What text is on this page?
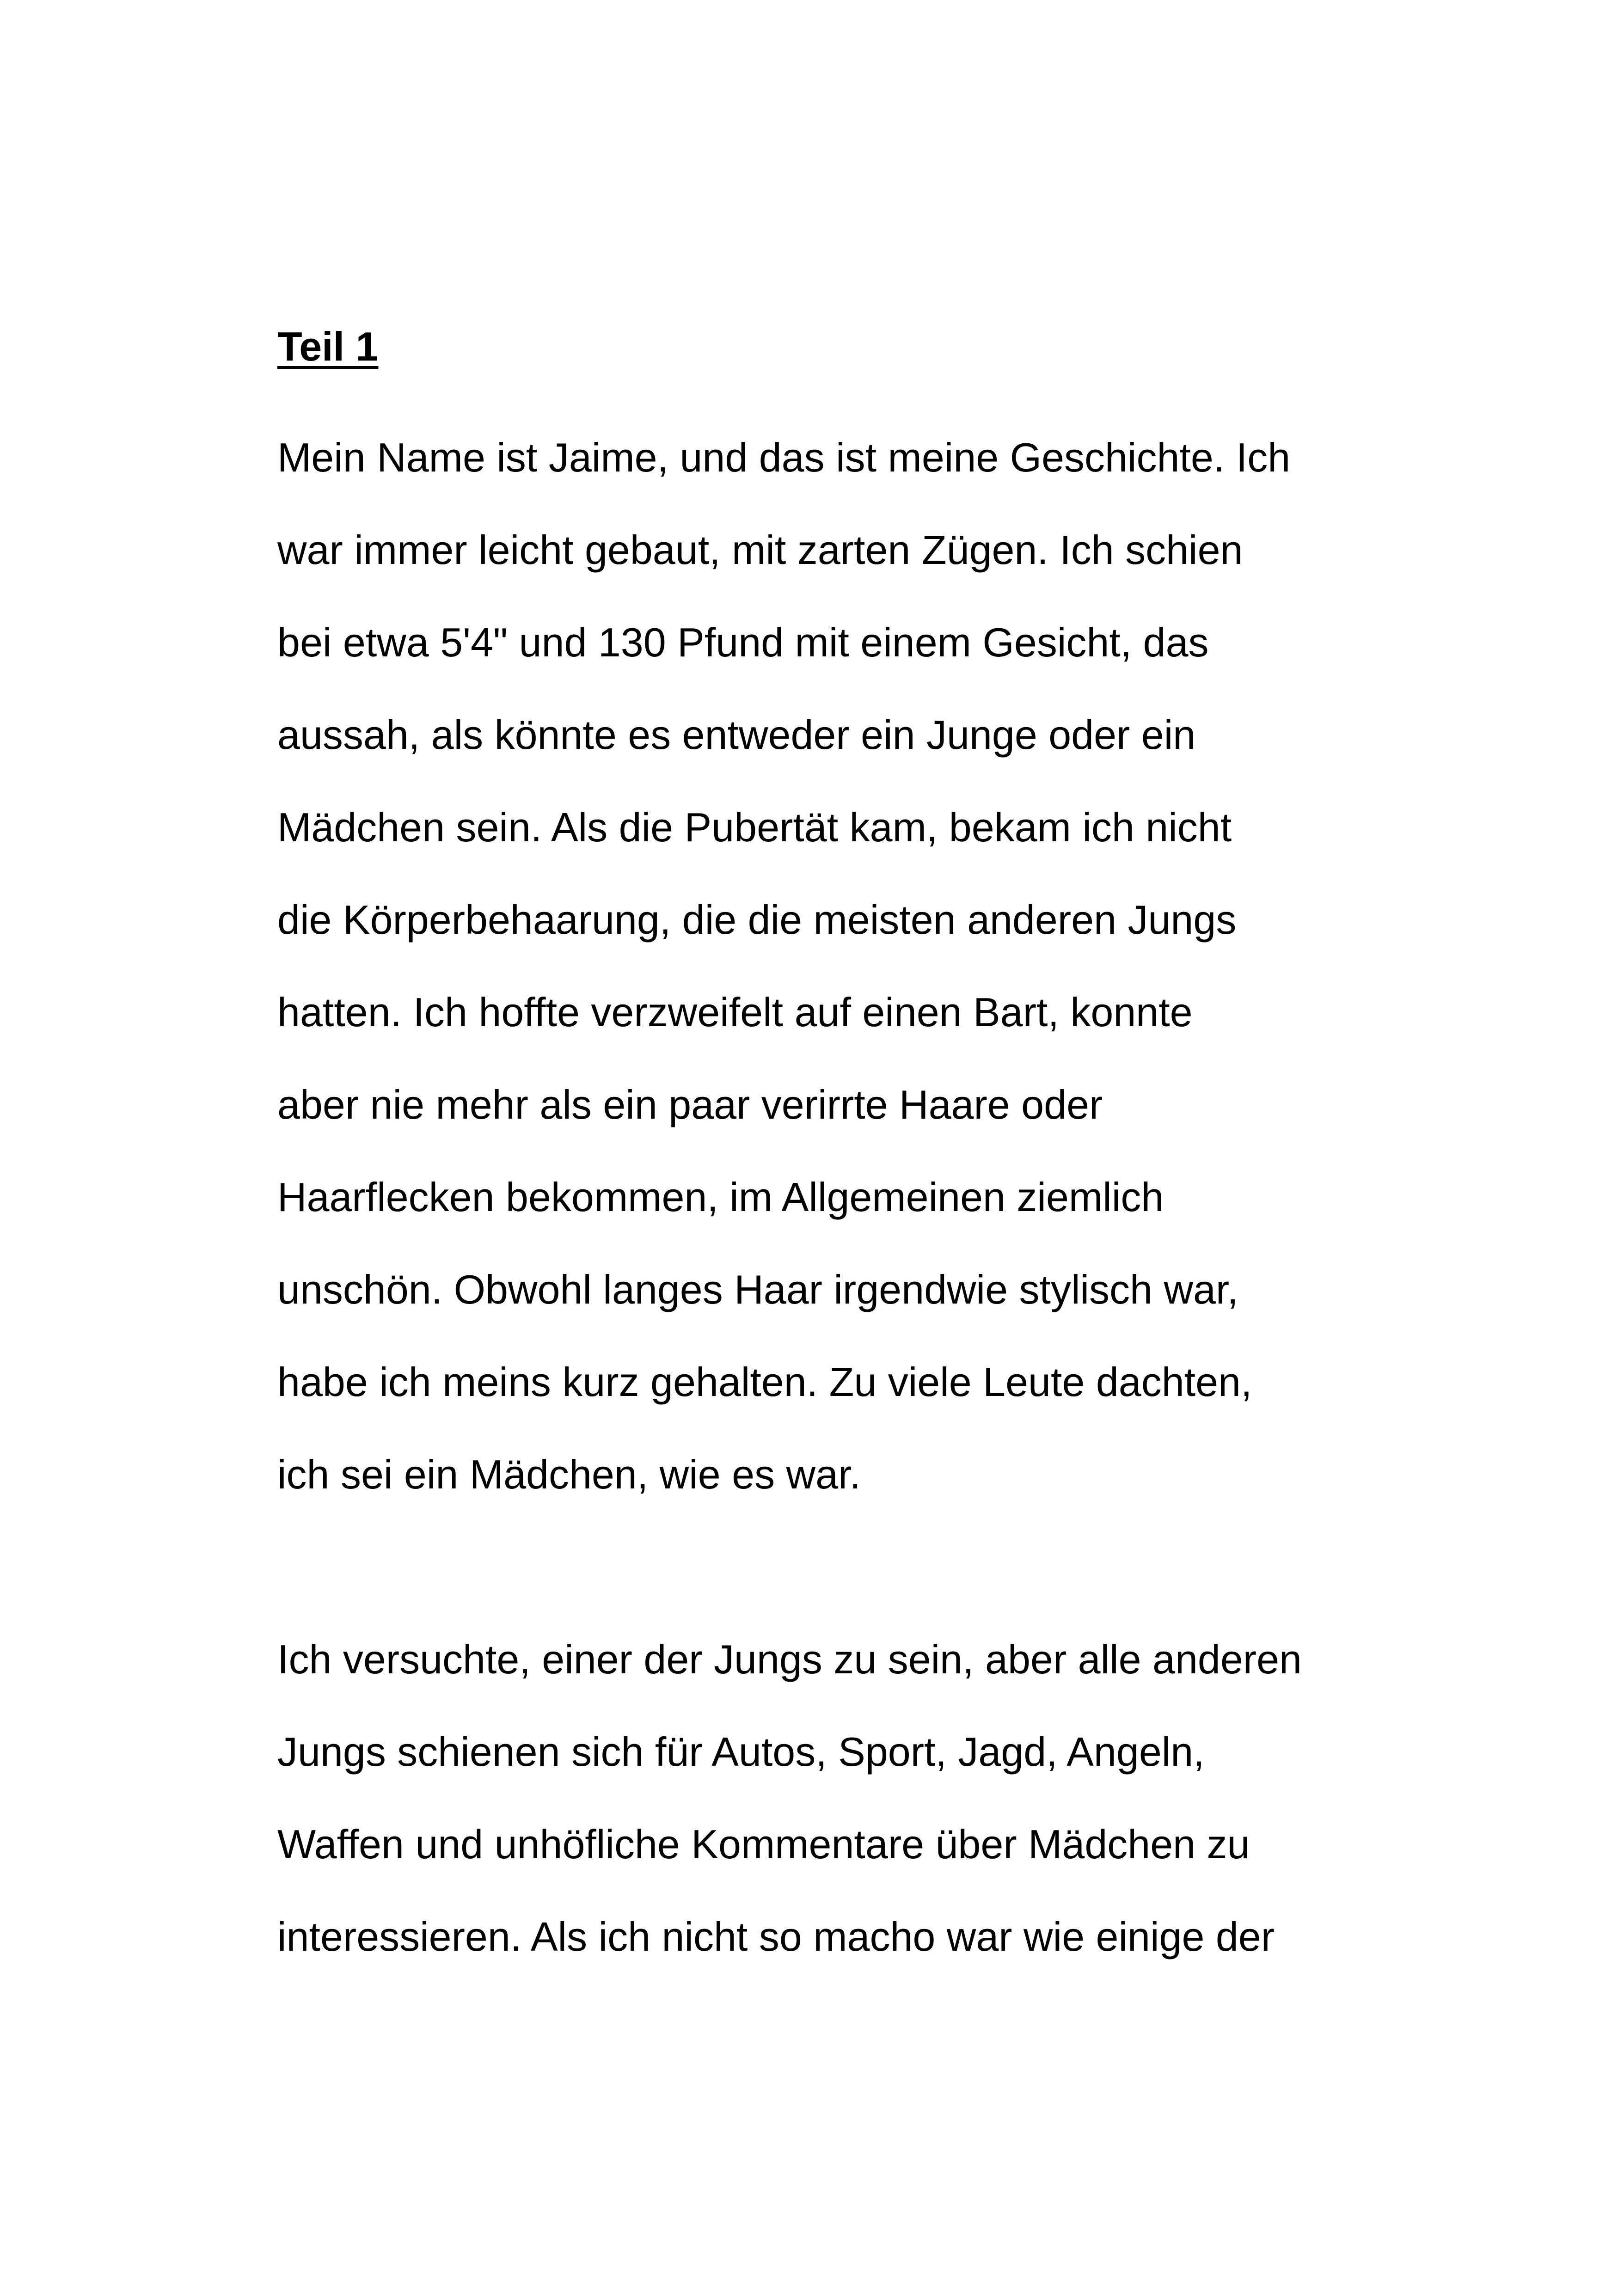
Teil 1
Mein Name ist Jaime, und das ist meine Geschichte. Ich
war immer leicht gebaut, mit zarten Zügen. Ich schien
bei etwa 5'4" und 130 Pfund mit einem Gesicht, das
aussah, als könnte es entweder ein Junge oder ein
Mädchen sein. Als die Pubertät kam, bekam ich nicht
die Körperbehaarung, die die meisten anderen Jungs
hatten. Ich hoffte verzweifelt auf einen Bart, konnte
aber nie mehr als ein paar verirrte Haare oder
Haarflecken bekommen, im Allgemeinen ziemlich
unschön. Obwohl langes Haar irgendwie stylisch war,
habe ich meins kurz gehalten. Zu viele Leute dachten,
ich sei ein Mädchen, wie es war.
Ich versuchte, einer der Jungs zu sein, aber alle anderen
Jungs schienen sich für Autos, Sport, Jagd, Angeln,
Waffen und unhöfliche Kommentare über Mädchen zu
interessieren. Als ich nicht so macho war wie einige der
